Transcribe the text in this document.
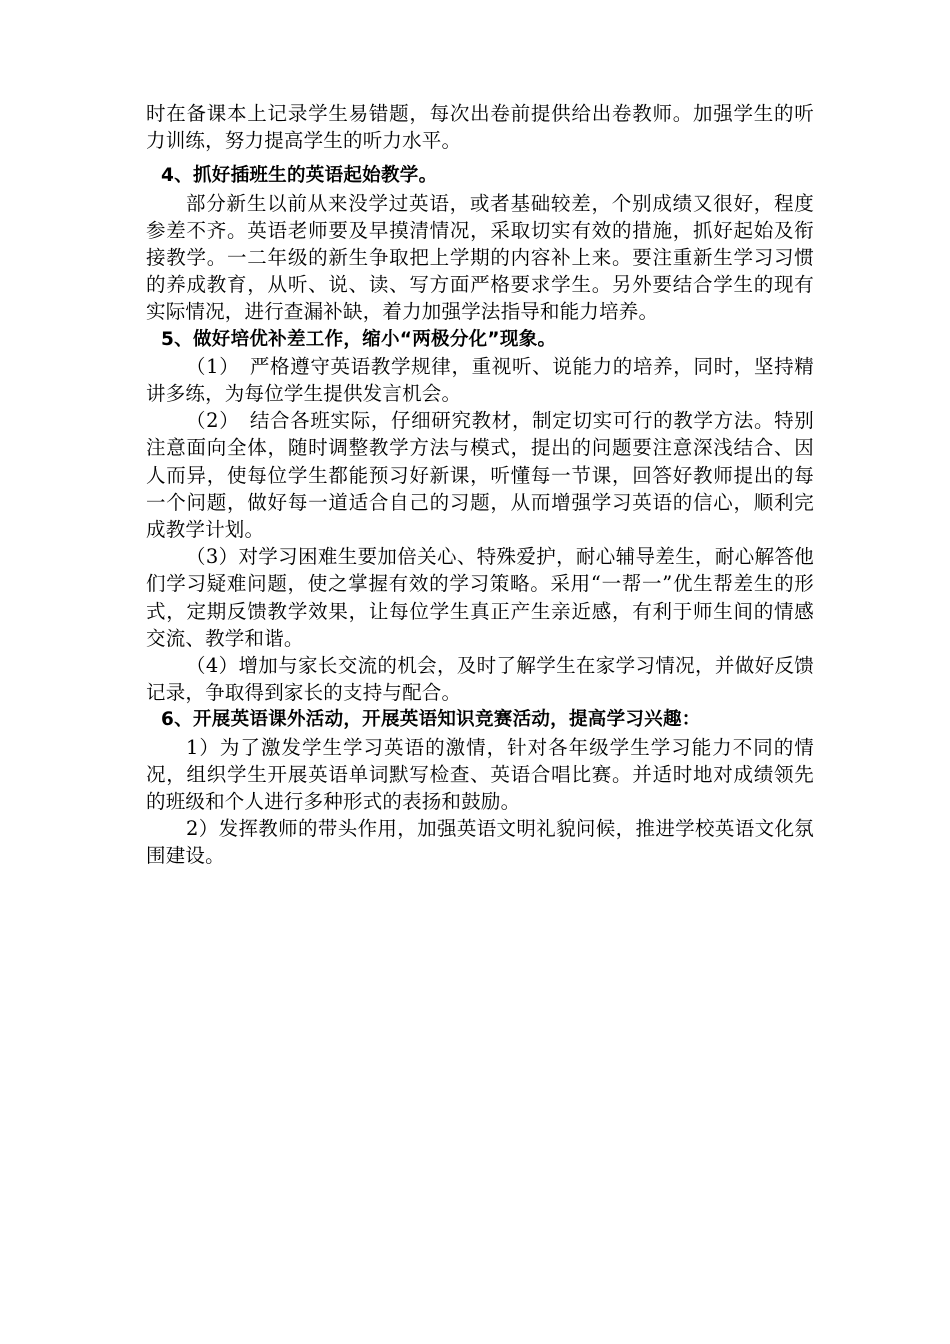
时在备课本上记录学生易错题，每次出卷前提供给出卷教师。加强学生的听力训练，努力提高学生的听力水平。

4、抓好插班生的英语起始教学。

部分新生以前从来没学过英语，或者基础较差，个别成绩又很好，程度参差不齐。英语老师要及早摸清情况，采取切实有效的措施，抓好起始及衔接教学。一二年级的新生争取把上学期的内容补上来。要注重新生学习习惯的养成教育，从听、说、读、写方面严格要求学生。另外要结合学生的现有实际情况，进行查漏补缺，着力加强学法指导和能力培养。

5、做好培优补差工作，缩小“两极分化”现象。

（1）　严格遵守英语教学规律，重视听、说能力的培养，同时，坚持精讲多练，为每位学生提供发言机会。

（2）　结合各班实际，仔细研究教材，制定切实可行的教学方法。特别注意面向全体，随时调整教学方法与模式，提出的问题要注意深浅结合、因人而异，使每位学生都能预习好新课，听懂每一节课，回答好教师提出的每一个问题，做好每一道适合自己的习题，从而增强学习英语的信心，顺利完成教学计划。

（3）对学习困难生要加倍关心、特殊爱护，耐心辅导差生，耐心解答他们学习疑难问题，使之掌握有效的学习策略。采用“一帮一”优生帮差生的形式，定期反馈教学效果，让每位学生真正产生亲近感，有利于师生间的情感交流、教学和谐。

（4）增加与家长交流的机会，及时了解学生在家学习情况，并做好反馈记录，争取得到家长的支持与配合。

6、开展英语课外活动，开展英语知识竞赛活动，提高学习兴趣：

1）为了激发学生学习英语的激情，针对各年级学生学习能力不同的情况，组织学生开展英语单词默写检查、英语合唱比赛。并适时地对成绩领先的班级和个人进行多种形式的表扬和鼓励。

2）发挥教师的带头作用，加强英语文明礼貌问候，推进学校英语文化氛围建设。
